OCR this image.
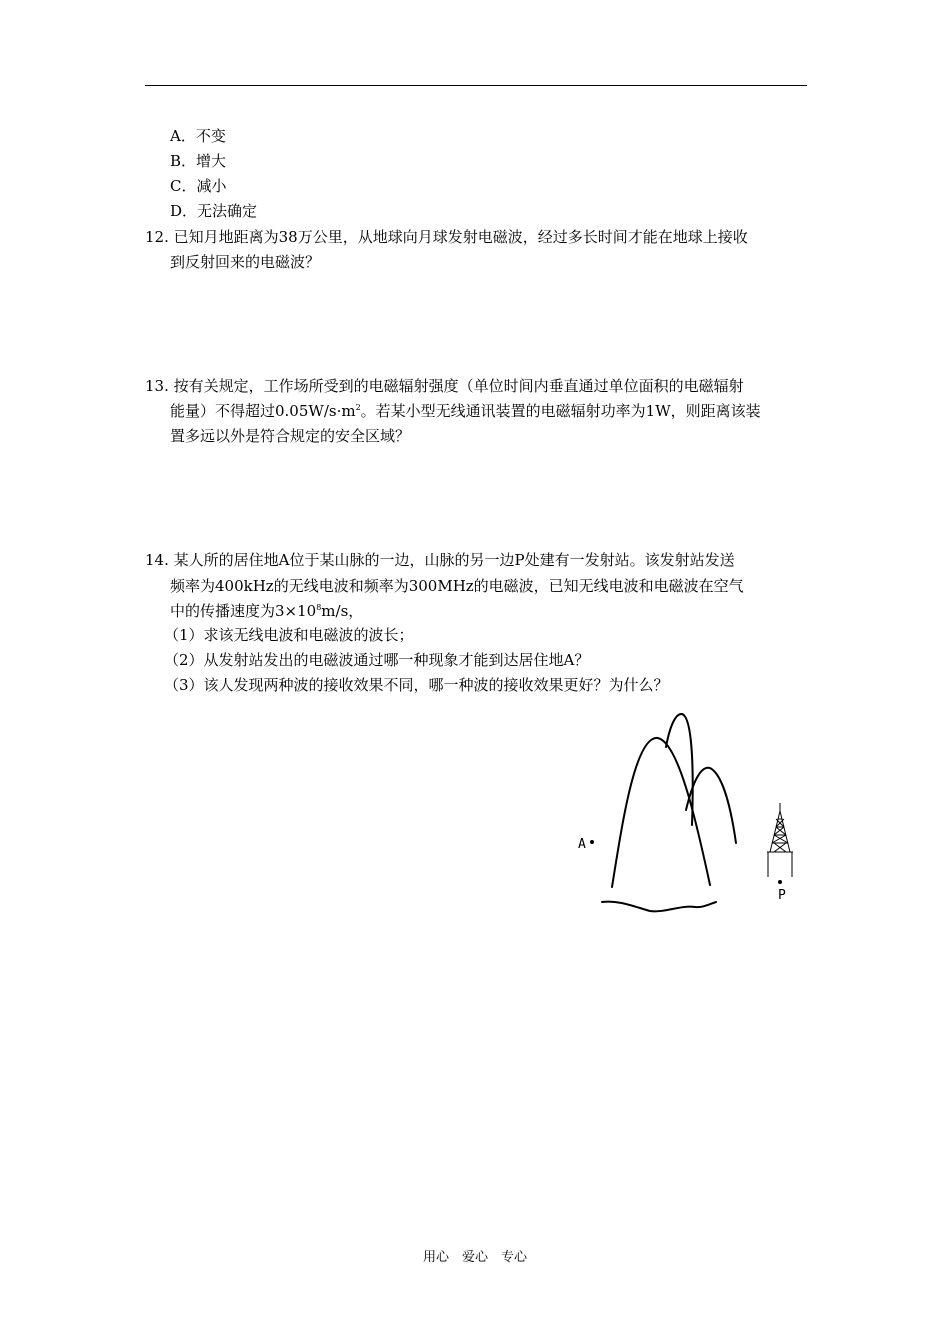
A．不变
B．增大
C．减小
D．无法确定
12. 已知月地距离为38万公里，从地球向月球发射电磁波，经过多长时间才能在地球上接收
到反射回来的电磁波？
13. 按有关规定，工作场所受到的电磁辐射强度（单位时间内垂直通过单位面积的电磁辐射
能量）不得超过$0.05W/s\cdot m^2$。若某小型无线通讯装置的电磁辐射功率为1W，则距离该装
置多远以外是符合规定的安全区域？
14. 某人所的居住地A位于某山脉的一边，山脉的另一边P处建有一发射站。该发射站发送
频率为400kHz的无线电波和频率为300MHz的电磁波，已知无线电波和电磁波在空气
中的传播速度为$3\times 10^8m/s$，
（1）求该无线电波和电磁波的波长；
（2）从发射站发出的电磁波通过哪一种现象才能到达居住地A？
（3）该人发现两种波的接收效果不同，哪一种波的接收效果更好？为什么？
A
P
用心　爱心　专心
